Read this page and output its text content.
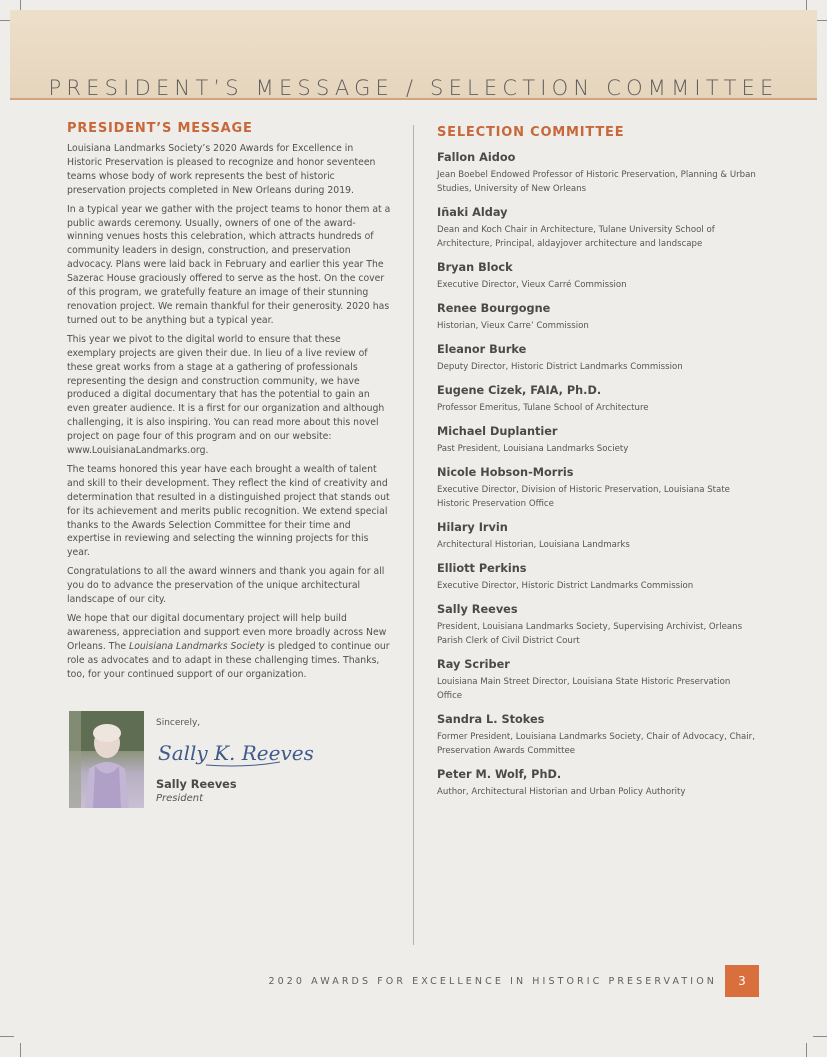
PRESIDENT’S MESSAGE / SELECTION COMMITTEE
PRESIDENT’S MESSAGE

Louisiana Landmarks Society’s 2020 Awards for Excellence in Historic Preservation is pleased to recognize and honor seventeen teams whose body of work represents the best of historic preservation projects completed in New Orleans during 2019.

In a typical year we gather with the project teams to honor them at a public awards ceremony. Usually, owners of one of the award-winning venues hosts this celebration, which attracts hundreds of community leaders in design, construction, and preservation advocacy. Plans were laid back in February and earlier this year The Sazerac House graciously offered to serve as the host. On the cover of this program, we gratefully feature an image of their stunning renovation project. We remain thankful for their generosity. 2020 has turned out to be anything but a typical year.

This year we pivot to the digital world to ensure that these exemplary projects are given their due. In lieu of a live review of these great works from a stage at a gathering of professionals representing the design and construction community, we have produced a digital documentary that has the potential to gain an even greater audience. It is a first for our organization and although challenging, it is also inspiring. You can read more about this novel project on page four of this program and on our website: www.LouisianaLandmarks.org.

The teams honored this year have each brought a wealth of talent and skill to their development. They reflect the kind of creativity and determination that resulted in a distinguished project that stands out for its achievement and merits public recognition. We extend special thanks to the Awards Selection Committee for their time and expertise in reviewing and selecting the winning projects for this year.

Congratulations to all the award winners and thank you again for all you do to advance the preservation of the unique architectural landscape of our city.

We hope that our digital documentary project will help build awareness, appreciation and support even more broadly across New Orleans. The Louisiana Landmarks Society is pledged to continue our role as advocates and to adapt in these challenging times. Thanks, too, for your continued support of our organization.

Sincerely,
Sally K. Reeves
Sally Reeves
President
SELECTION COMMITTEE
Fallon Aidoo
Jean Boebel Endowed Professor of Historic Preservation, Planning & Urban Studies, University of New Orleans
Iñaki Alday
Dean and Koch Chair in Architecture, Tulane University School of Architecture, Principal, aldayjover architecture and landscape
Bryan Block
Executive Director, Vieux Carré Commission
Renee Bourgogne
Historian, Vieux Carre’ Commission
Eleanor Burke
Deputy Director, Historic District Landmarks Commission
Eugene Cizek, FAIA, Ph.D.
Professor Emeritus, Tulane School of Architecture
Michael Duplantier
Past President, Louisiana Landmarks Society
Nicole Hobson-Morris
Executive Director, Division of Historic Preservation, Louisiana State Historic Preservation Office
Hilary Irvin
Architectural Historian, Louisiana Landmarks
Elliott Perkins
Executive Director, Historic District Landmarks Commission
Sally Reeves
President, Louisiana Landmarks Society, Supervising Archivist, Orleans Parish Clerk of Civil District Court
Ray Scriber
Louisiana Main Street Director, Louisiana State Historic Preservation Office
Sandra L. Stokes
Former President, Louisiana Landmarks Society, Chair of Advocacy, Chair, Preservation Awards Committee
Peter M. Wolf, PhD.
Author, Architectural Historian and Urban Policy Authority
2020 AWARDS FOR EXCELLENCE IN HISTORIC PRESERVATION	3
